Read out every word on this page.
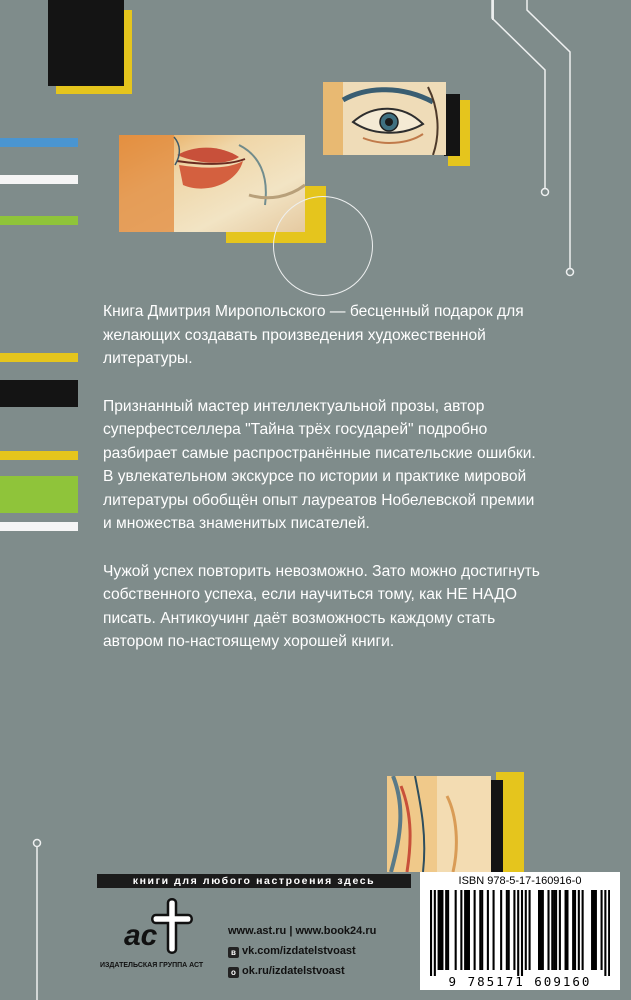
Книга Дмитрия Миропольского — бесценный подарок для желающих создавать произведения художественной литературы.

Признанный мастер интеллектуальной прозы, автор суперфестселлера "Тайна трёх государей" подробно разбирает самые распространённые писательские ошибки.

В увлекательном экскурсе по истории и практике мировой литературы обобщён опыт лауреатов Нобелевской премии и множества знаменитых писателей.

Чужой успех повторить невозможно. Зато можно достигнуть собственного успеха, если научиться тому, как НЕ НАДО писать. Антикоучинг даёт возможность каждому стать автором по-настоящему хорошей книги.

книги для любого настроения здесь
ac
ИЗДАТЕЛЬСКАЯ ГРУППА АСТ
www.ast.ru | www.book24.ru
в vk.com/izdatelstvoast
о ok.ru/izdatelstvoast
ISBN 978-5-17-160916-0
9 785171 609160
